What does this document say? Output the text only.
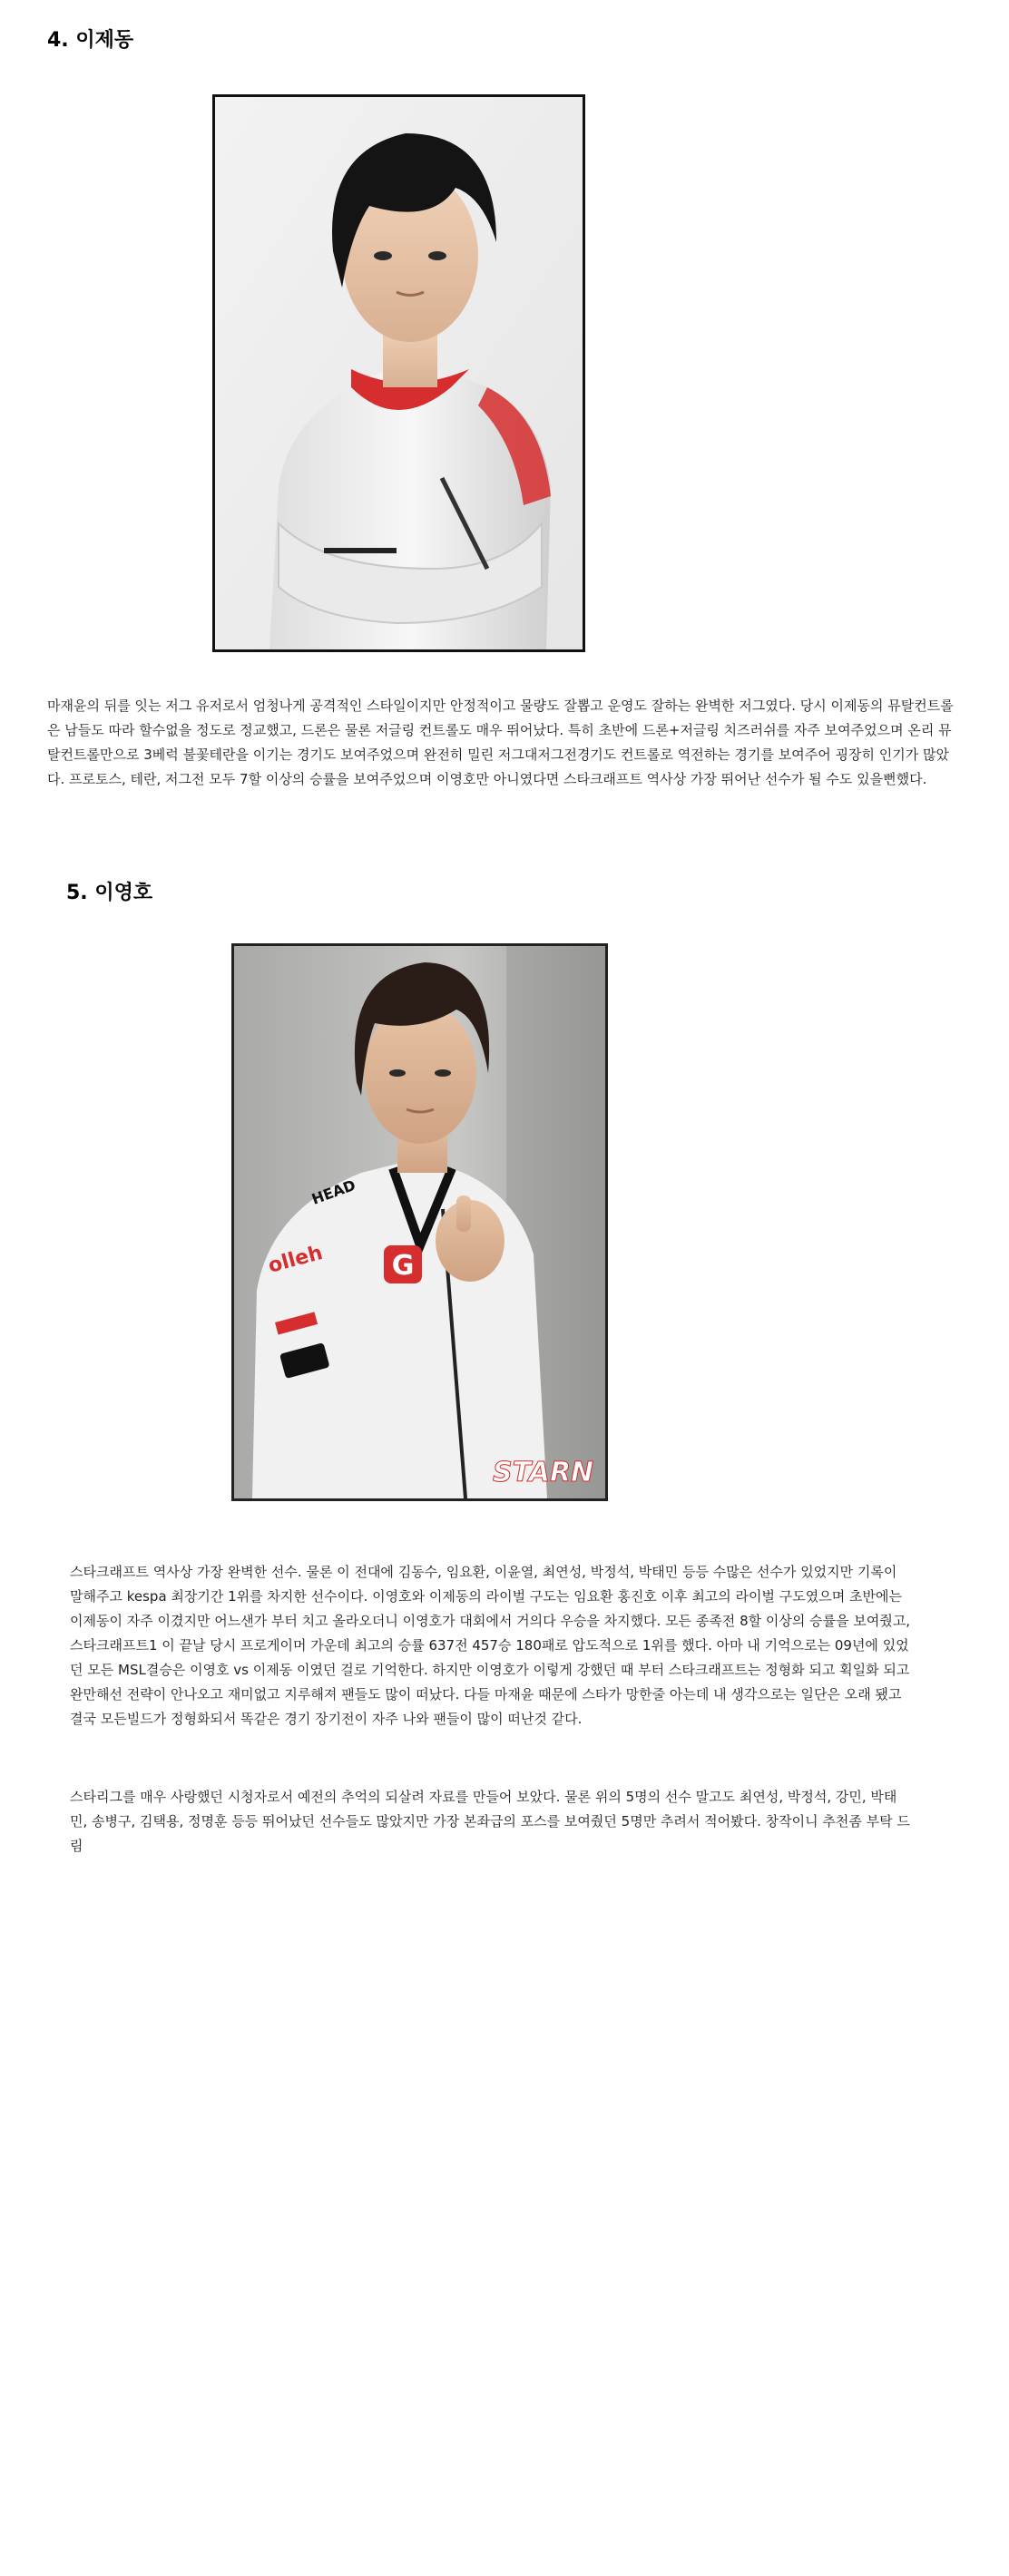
4. 이제동

마재윤의 뒤를 잇는 저그 유저로서 엄청나게 공격적인 스타일이지만 안정적이고 물량도 잘뽑고 운영도 잘하는 완벽한 저그였다. 당시 이제동의 뮤탈컨트롤은 남들도 따라 할수없을 정도로 정교했고, 드론은 물론 저글링 컨트롤도 매우 뛰어났다. 특히 초반에 드론+저글링 치즈러쉬를 자주 보여주었으며 온리 뮤탈컨트롤만으로 3베럭 불꽃테란을 이기는 경기도 보여주었으며 완전히 밀린 저그대저그전경기도 컨트롤로 역전하는 경기를 보여주어 굉장히 인기가 많았다. 프로토스, 테란, 저그전 모두 7할 이상의 승률을 보여주었으며 이영호만 아니였다면 스타크래프트 역사상 가장 뛰어난 선수가 될 수도 있을뻔했다.

5. 이영호
G
HEAD
olleh
STARN

스타크래프트 역사상 가장 완벽한 선수. 물론 이 전대에 김동수, 임요환, 이윤열, 최연성, 박정석, 박태민 등등 수많은 선수가 있었지만 기록이 말해주고 kespa 최장기간 1위를 차지한 선수이다. 이영호와 이제동의 라이벌 구도는 임요환 홍진호 이후 최고의 라이벌 구도였으며 초반에는 이제동이 자주 이겼지만 어느샌가 부터 치고 올라오더니 이영호가 대회에서 거의다 우승을 차지했다. 모든 종족전 8할 이상의 승률을 보여줬고, 스타크래프트1 이 끝날 당시 프로게이머 가운데 최고의 승률 637전 457승 180패로 압도적으로 1위를 했다. 아마 내 기억으로는 09년에 있었던 모든 MSL결승은 이영호 vs 이제동 이였던 걸로 기억한다. 하지만 이영호가 이렇게 강했던 때 부터 스타크래프트는 정형화 되고 획일화 되고 완만해선 전략이 안나오고 재미없고 지루해져 팬들도 많이 떠났다. 다들 마재윤 때문에 스타가 망한줄 아는데 내 생각으로는 일단은 오래 됐고 결국 모든빌드가 정형화되서 똑같은 경기 장기전이 자주 나와 팬들이 많이 떠난것 같다.

스타리그를 매우 사랑했던 시청자로서 예전의 추억의 되살려 자료를 만들어 보았다. 물론 위의 5명의 선수 말고도 최연성, 박정석, 강민, 박태민, 송병구, 김택용, 정명훈 등등 뛰어났던 선수들도 많았지만 가장 본좌급의 포스를 보여줬던 5명만 추려서 적어봤다. 창작이니 추천좀 부탁 드림
